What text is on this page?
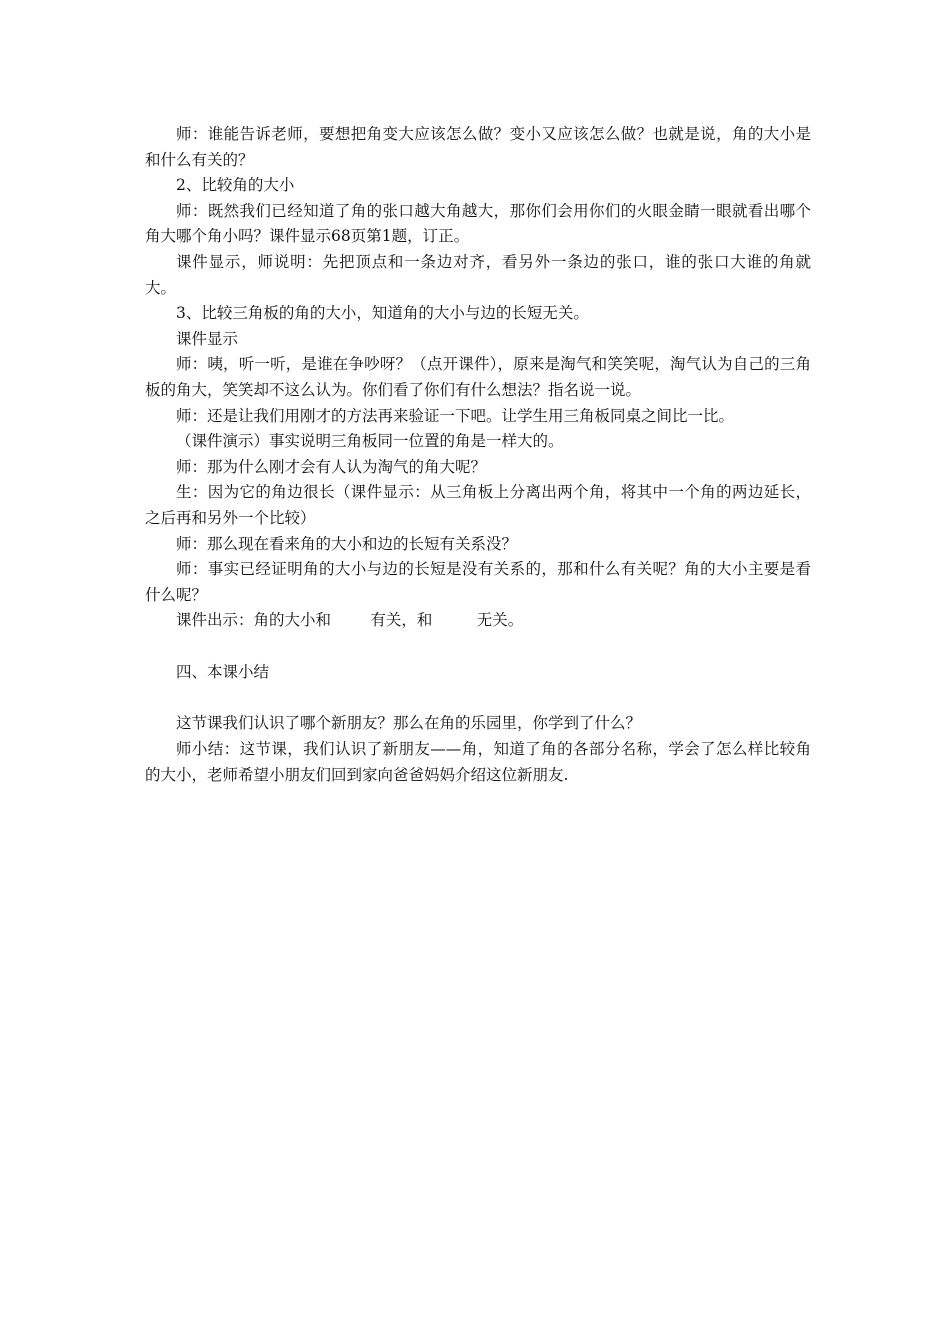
师：谁能告诉老师，要想把角变大应该怎么做？变小又应该怎么做？也就是说，角的大小是和什么有关的？

2、比较角的大小

师：既然我们已经知道了角的张口越大角越大，那你们会用你们的火眼金睛一眼就看出哪个角大哪个角小吗？课件显示68页第1题，订正。

课件显示，师说明：先把顶点和一条边对齐，看另外一条边的张口，谁的张口大谁的角就大。

3、比较三角板的角的大小，知道角的大小与边的长短无关。

课件显示

师：咦，听一听，是谁在争吵呀？（点开课件），原来是淘气和笑笑呢，淘气认为自己的三角板的角大，笑笑却不这么认为。你们看了你们有什么想法？指名说一说。

师：还是让我们用刚才的方法再来验证一下吧。让学生用三角板同桌之间比一比。

（课件演示）事实说明三角板同一位置的角是一样大的。

师：那为什么刚才会有人认为淘气的角大呢？

生：因为它的角边很长（课件显示：从三角板上分离出两个角，将其中一个角的两边延长，之后再和另外一个比较）

师：那么现在看来角的大小和边的长短有关系没？

师：事实已经证明角的大小与边的长短是没有关系的，那和什么有关呢？角的大小主要是看什么呢？

课件出示：角的大小和        有关，和         无关。

四、本课小结

这节课我们认识了哪个新朋友？那么在角的乐园里，你学到了什么？

师小结：这节课，我们认识了新朋友——角，知道了角的各部分名称，学会了怎么样比较角的大小，老师希望小朋友们回到家向爸爸妈妈介绍这位新朋友.
